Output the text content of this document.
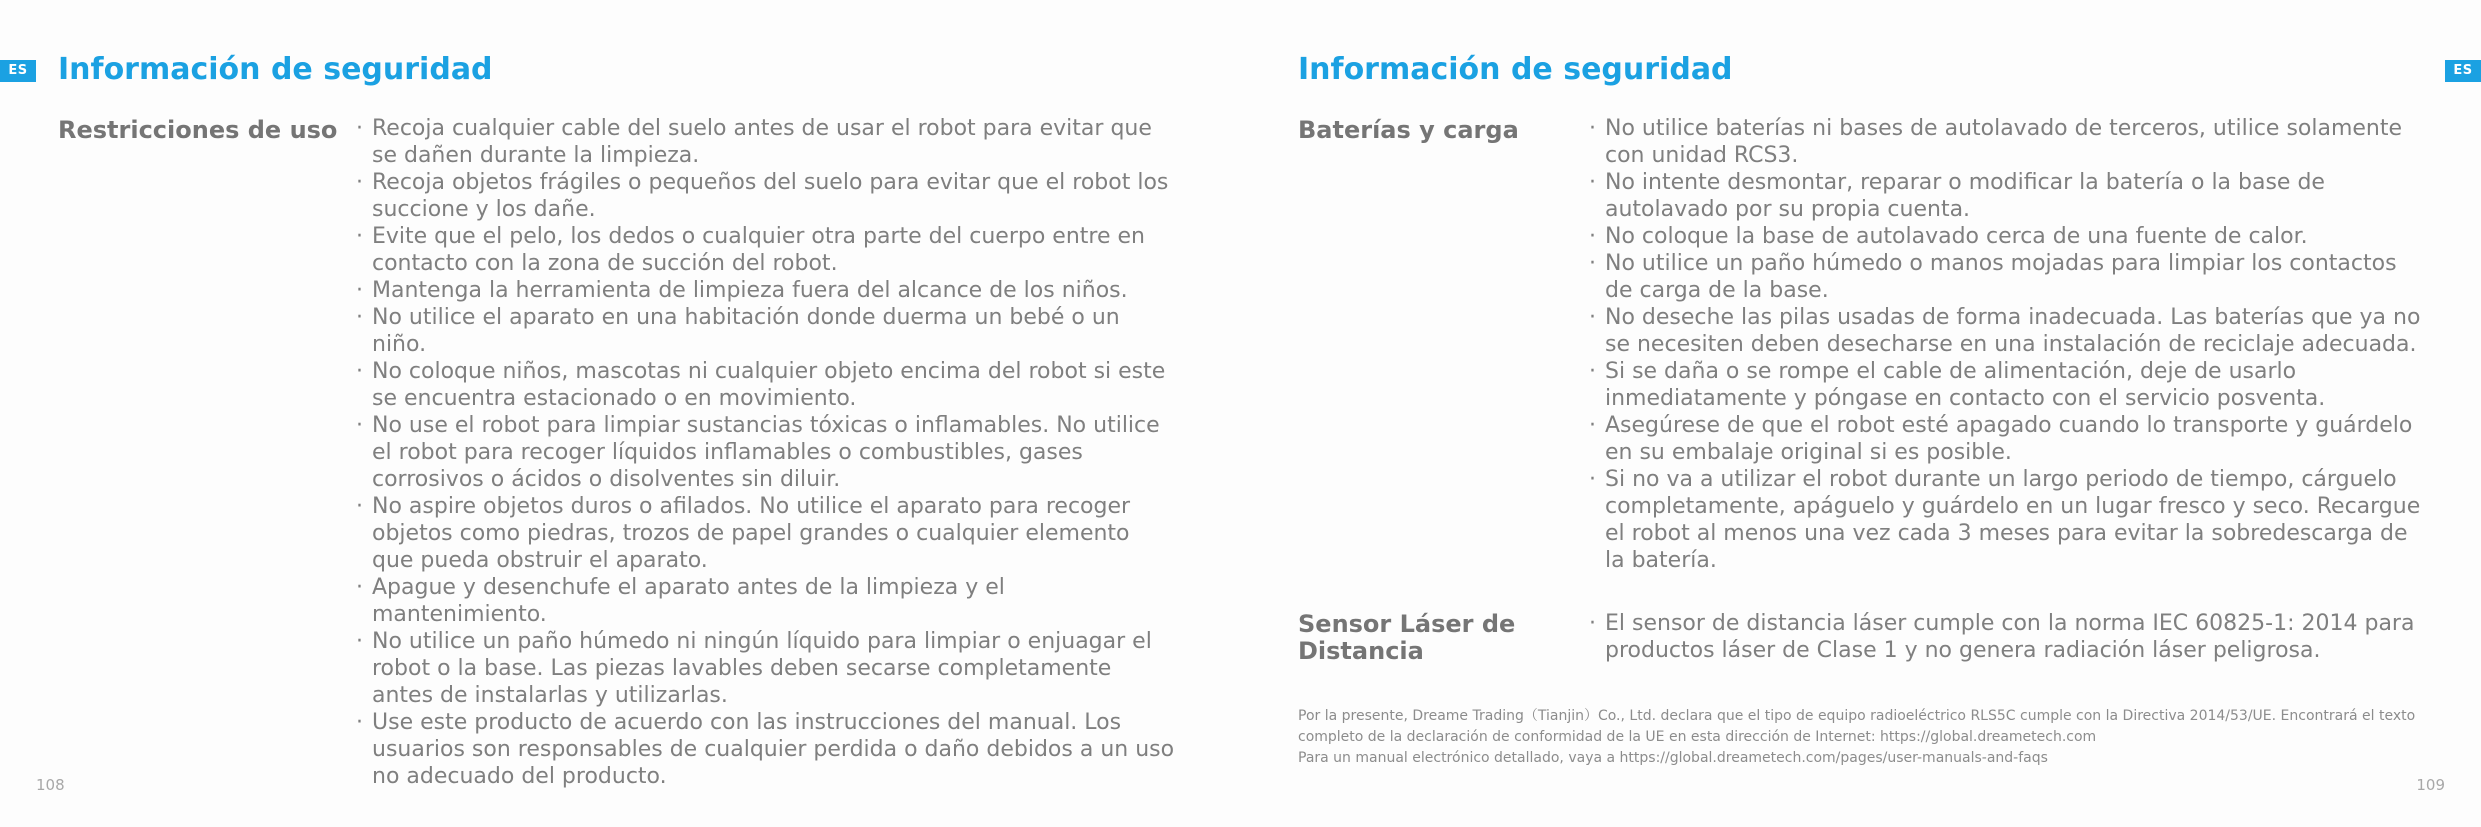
ES Información de seguridad
Restricciones de uso	· Recoja cualquier cable del suelo antes de usar el robot para evitar que se dañen durante la limpieza.
· Recoja objetos frágiles o pequeños del suelo para evitar que el robot los succione y los dañe.
· Evite que el pelo, los dedos o cualquier otra parte del cuerpo entre en contacto con la zona de succión del robot.
· Mantenga la herramienta de limpieza fuera del alcance de los niños.
· No utilice el aparato en una habitación donde duerma un bebé o un niño.
· No coloque niños, mascotas ni cualquier objeto encima del robot si este se encuentra estacionado o en movimiento.
· No use el robot para limpiar sustancias tóxicas o inflamables. No utilice el robot para recoger líquidos inflamables o combustibles, gases corrosivos o ácidos o disolventes sin diluir.
· No aspire objetos duros o afilados. No utilice el aparato para recoger objetos como piedras, trozos de papel grandes o cualquier elemento que pueda obstruir el aparato.
· Apague y desenchufe el aparato antes de la limpieza y el mantenimiento.
· No utilice un paño húmedo ni ningún líquido para limpiar o enjuagar el robot o la base. Las piezas lavables deben secarse completamente antes de instalarlas y utilizarlas.
· Use este producto de acuerdo con las instrucciones del manual. Los usuarios son responsables de cualquier perdida o daño debidos a un uso no adecuado del producto.
108
ES
Información de seguridad
Baterías y carga	· No utilice baterías ni bases de autolavado de terceros, utilice solamente con unidad RCS3.
· No intente desmontar, reparar o modificar la batería o la base de autolavado por su propia cuenta.
· No coloque la base de autolavado cerca de una fuente de calor.
· No utilice un paño húmedo o manos mojadas para limpiar los contactos de carga de la base.
· No deseche las pilas usadas de forma inadecuada. Las baterías que ya no se necesiten deben desecharse en una instalación de reciclaje adecuada.
· Si se daña o se rompe el cable de alimentación, deje de usarlo inmediatamente y póngase en contacto con el servicio posventa.
· Asegúrese de que el robot esté apagado cuando lo transporte y guárdelo en su embalaje original si es posible.
· Si no va a utilizar el robot durante un largo periodo de tiempo, cárguelo completamente, apáguelo y guárdelo en un lugar fresco y seco. Recargue el robot al menos una vez cada 3 meses para evitar la sobredescarga de la batería.
Sensor Láser de Distancia
· El sensor de distancia láser cumple con la norma IEC 60825-1: 2014 para productos láser de Clase 1 y no genera radiación láser peligrosa.
Por la presente, Dreame Trading（Tianjin）Co., Ltd. declara que el tipo de equipo radioeléctrico RLS5C cumple con la Directiva 2014/53/UE. Encontrará el texto
completo de la declaración de conformidad de la UE en esta dirección de Internet: https://global.dreametech.com
Para un manual electrónico detallado, vaya a https://global.dreametech.com/pages/user-manuals-and-faqs
109
